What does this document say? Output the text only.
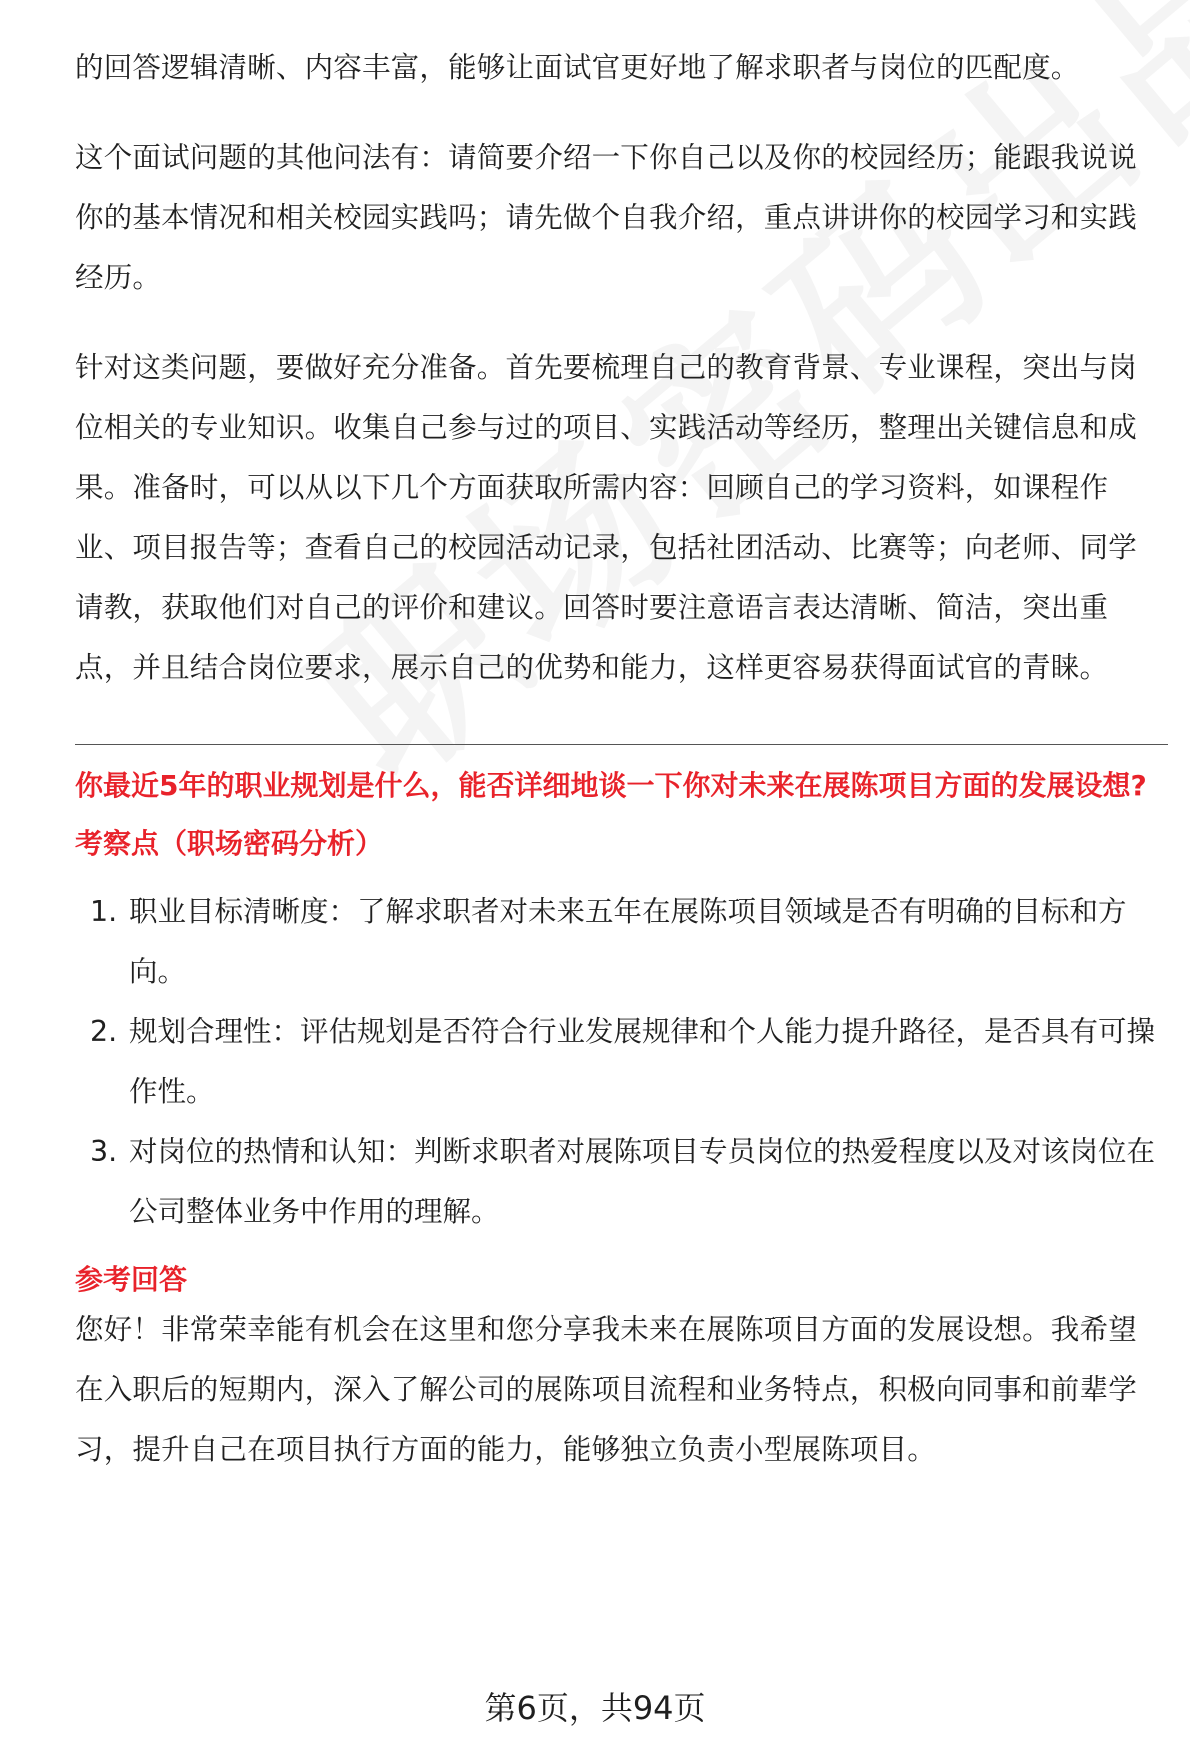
的回答逻辑清晰、内容丰富，能够让面试官更好地了解求职者与岗位的匹配度。

这个面试问题的其他问法有：请简要介绍一下你自己以及你的校园经历；能跟我说说你的基本情况和相关校园实践吗；请先做个自我介绍，重点讲讲你的校园学习和实践经历。

针对这类问题，要做好充分准备。首先要梳理自己的教育背景、专业课程，突出与岗位相关的专业知识。收集自己参与过的项目、实践活动等经历，整理出关键信息和成果。准备时，可以从以下几个方面获取所需内容：回顾自己的学习资料，如课程作业、项目报告等；查看自己的校园活动记录，包括社团活动、比赛等；向老师、同学请教，获取他们对自己的评价和建议。回答时要注意语言表达清晰、简洁，突出重点，并且结合岗位要求，展示自己的优势和能力，这样更容易获得面试官的青睐。

你最近5年的职业规划是什么，能否详细地谈一下你对未来在展陈项目方面的发展设想?
考察点（职场密码分析）
1. 职业目标清晰度：了解求职者对未来五年在展陈项目领域是否有明确的目标和方向。
2. 规划合理性：评估规划是否符合行业发展规律和个人能力提升路径，是否具有可操作性。
3. 对岗位的热情和认知：判断求职者对展陈项目专员岗位的热爱程度以及对该岗位在公司整体业务中作用的理解。
参考回答

您好！非常荣幸能有机会在这里和您分享我未来在展陈项目方面的发展设想。我希望在入职后的短期内，深入了解公司的展陈项目流程和业务特点，积极向同事和前辈学习，提升自己在项目执行方面的能力，能够独立负责小型展陈项目。

第6页，共94页
